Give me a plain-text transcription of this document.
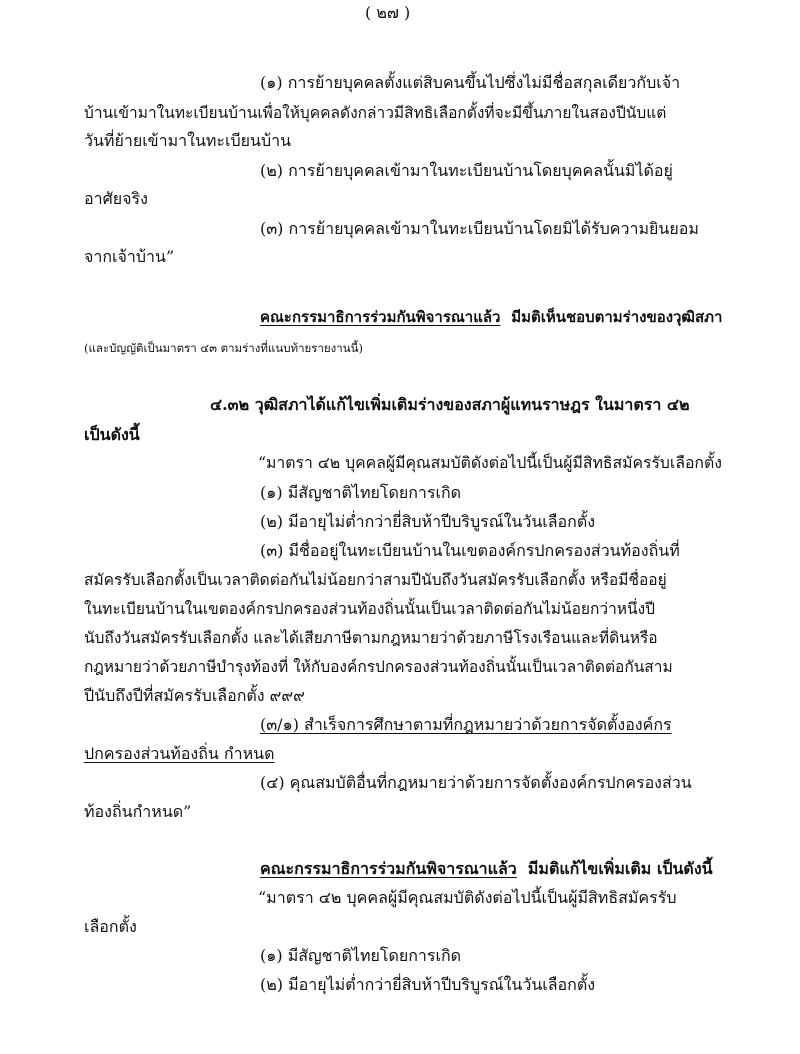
( ๒๗ )
(๑) การย้ายบุคคลตั้งแต่สิบคนขึ้นไปซึ่งไม่มีชื่อสกุลเดียวกับเจ้า
บ้านเข้ามาในทะเบียนบ้านเพื่อให้บุคคลดังกล่าวมีสิทธิเลือกตั้งที่จะมีขึ้นภายในสองปีนับแต่
วันที่ย้ายเข้ามาในทะเบียนบ้าน
(๒) การย้ายบุคคลเข้ามาในทะเบียนบ้านโดยบุคคลนั้นมิได้อยู่
อาศัยจริง
(๓) การย้ายบุคคลเข้ามาในทะเบียนบ้านโดยมิได้รับความยินยอม
จากเจ้าบ้าน”
คณะกรรมาธิการร่วมกันพิจารณาแล้ว มีมติเห็นชอบตามร่างของวุฒิสภา
(และบัญญัติเป็นมาตรา ๔๓ ตามร่างที่แนบท้ายรายงานนี้)
๔.๓๒ วุฒิสภาได้แก้ไขเพิ่มเติมร่างของสภาผู้แทนราษฎร ในมาตรา ๔๒
เป็นดังนี้
“มาตรา ๔๒ บุคคลผู้มีคุณสมบัติดังต่อไปนี้เป็นผู้มีสิทธิสมัครรับเลือกตั้ง
(๑) มีสัญชาติไทยโดยการเกิด
(๒) มีอายุไม่ต่ำกว่ายี่สิบห้าปีบริบูรณ์ในวันเลือกตั้ง
(๓) มีชื่ออยู่ในทะเบียนบ้านในเขตองค์กรปกครองส่วนท้องถิ่นที่
สมัครรับเลือกตั้งเป็นเวลาติดต่อกันไม่น้อยกว่าสามปีนับถึงวันสมัครรับเลือกตั้ง หรือมีชื่ออยู่
ในทะเบียนบ้านในเขตองค์กรปกครองส่วนท้องถิ่นนั้นเป็นเวลาติดต่อกันไม่น้อยกว่าหนึ่งปี
นับถึงวันสมัครรับเลือกตั้ง และได้เสียภาษีตามกฎหมายว่าด้วยภาษีโรงเรือนและที่ดินหรือ
กฎหมายว่าด้วยภาษีบำรุงท้องที่ ให้กับองค์กรปกครองส่วนท้องถิ่นนั้นเป็นเวลาติดต่อกันสาม
ปีนับถึงปีที่สมัครรับเลือกตั้ง ๙๙๙
(๓/๑) สำเร็จการศึกษาตามที่กฎหมายว่าด้วยการจัดตั้งองค์กร
ปกครองส่วนท้องถิ่น กำหนด
(๔) คุณสมบัติอื่นที่กฎหมายว่าด้วยการจัดตั้งองค์กรปกครองส่วน
ท้องถิ่นกำหนด”
คณะกรรมาธิการร่วมกันพิจารณาแล้ว มีมติแก้ไขเพิ่มเติม เป็นดังนี้
“มาตรา ๔๒ บุคคลผู้มีคุณสมบัติดังต่อไปนี้เป็นผู้มีสิทธิสมัครรับ
เลือกตั้ง
(๑) มีสัญชาติไทยโดยการเกิด
(๒) มีอายุไม่ต่ำกว่ายี่สิบห้าปีบริบูรณ์ในวันเลือกตั้ง
